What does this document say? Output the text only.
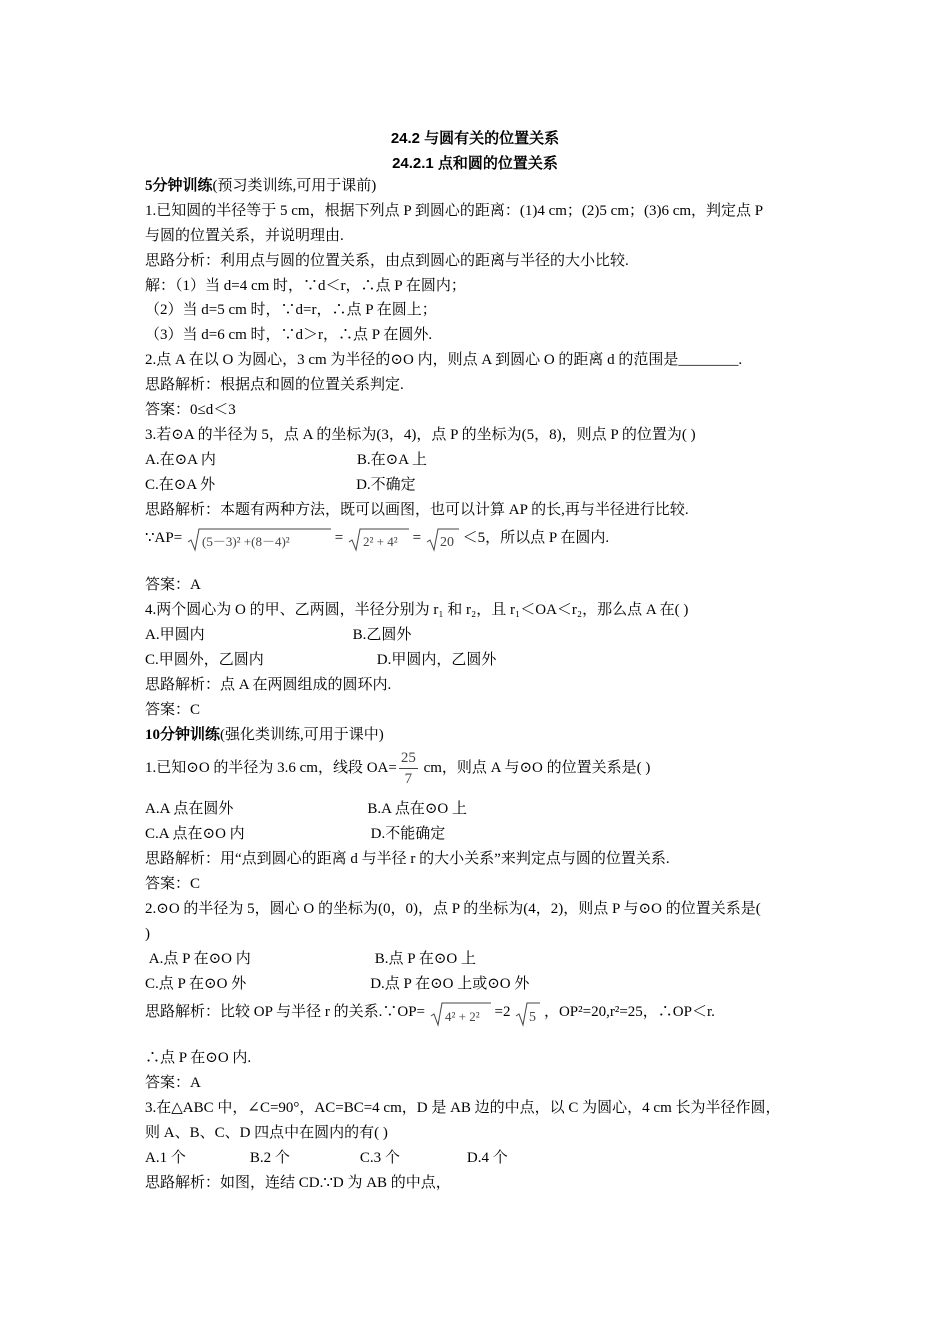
24.2 与圆有关的位置关系
24.2.1 点和圆的位置关系
5分钟训练(预习类训练,可用于课前)
1.已知圆的半径等于 5 cm，根据下列点 P 到圆心的距离：(1)4 cm；(2)5 cm；(3)6 cm，判定点 P
与圆的位置关系，并说明理由.
思路分析：利用点与圆的位置关系，由点到圆心的距离与半径的大小比较.
解：（1）当 d=4 cm 时，∵d＜r，∴点 P 在圆内；
（2）当 d=5 cm 时，∵d=r，∴点 P 在圆上；
（3）当 d=6 cm 时，∵d＞r，∴点 P 在圆外.
2.点 A 在以 O 为圆心，3 cm 为半径的⊙O 内，则点 A 到圆心 O 的距离 d 的范围是________.
思路解析：根据点和圆的位置关系判定.
答案：0≤d＜3
3.若⊙A 的半径为 5，点 A 的坐标为(3，4)，点 P 的坐标为(5，8)，则点 P 的位置为( )
A.在⊙A 内	B.在⊙A 上
C.在⊙A 外	D.不确定
思路解析：本题有两种方法，既可以画图，也可以计算 AP 的长,再与半径进行比较.
∵AP= (5－3)² +(8－4)²	= 2² + 4² = 20 ＜5，所以点 P 在圆内.
答案：A
4.两个圆心为 O 的甲、乙两圆，半径分别为 r₁ 和 r₂，且 r₁＜OA＜r₂，那么点 A 在( )
A.甲圆内	B.乙圆外
C.甲圆外，乙圆内	D.甲圆内，乙圆外
思路解析：点 A 在两圆组成的圆环内.
答案：C
10分钟训练(强化类训练,可用于课中)
1.已知⊙O 的半径为 3.6 cm，线段 $OA= \frac{25}{7}$ cm，则点 A 与⊙O 的位置关系是( )
A.A 点在圆外	B.A 点在⊙O 上
C.A 点在⊙O 内	D.不能确定
思路解析：用“点到圆心的距离 d 与半径 r 的大小关系”来判定点与圆的位置关系.
答案：C
2.⊙O 的半径为 5，圆心 O 的坐标为(0，0)，点 P 的坐标为(4，2)，则点 P 与⊙O 的位置关系是(
)
A.点 P 在⊙O 内	B.点 P 在⊙O 上
C.点 P 在⊙O 外	D.点 P 在⊙O 上或⊙O 外
思路解析：比较 OP 与半径 r 的关系.∵OP= 4² + 2² =2 5 ，OP²=20,r²=25，∴OP＜r.
∴点 P 在⊙O 内.
答案：A
3.在△ABC 中，∠C=90°，AC=BC=4 cm，D 是 AB 边的中点，以 C 为圆心，4 cm 长为半径作圆，
则 A、B、C、D 四点中在圆内的有( )
A.1 个	B.2 个	C.3 个	D.4 个
思路解析：如图，连结 CD.∵D 为 AB 的中点，
